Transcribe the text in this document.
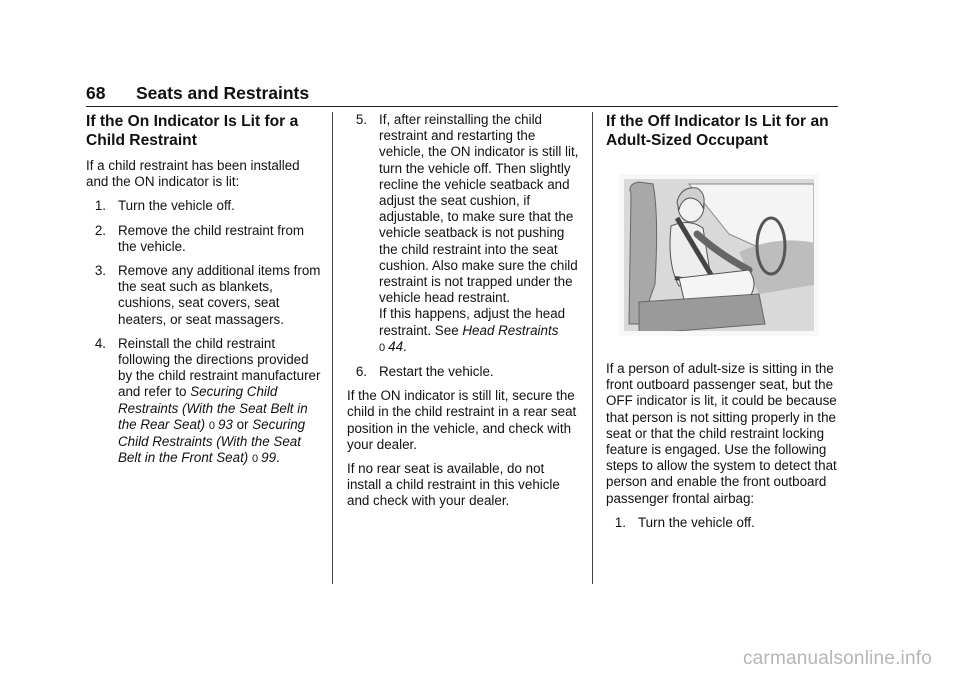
68 Seats and Restraints
If the On Indicator Is Lit for a Child Restraint

If a child restraint has been installed and the ON indicator is lit:

1. Turn the vehicle off.
2. Remove the child restraint from the vehicle.
3. Remove any additional items from the seat such as blankets, cushions, seat covers, seat heaters, or seat massagers.
4. Reinstall the child restraint following the directions provided by the child restraint manufacturer and refer to Securing Child Restraints (With the Seat Belt in the Rear Seat) 0 93 or Securing Child Restraints (With the Seat Belt in the Front Seat) 0 99.
5. If, after reinstalling the child restraint and restarting the vehicle, the ON indicator is still lit, turn the vehicle off. Then slightly recline the vehicle seatback and adjust the seat cushion, if adjustable, to make sure that the vehicle seatback is not pushing the child restraint into the seat cushion. Also make sure the child restraint is not trapped under the vehicle head restraint.
If this happens, adjust the head restraint. See Head Restraints
0 44.
6. Restart the vehicle.

If the ON indicator is still lit, secure the child in the child restraint in a rear seat position in the vehicle, and check with your dealer.

If no rear seat is available, do not install a child restraint in this vehicle and check with your dealer.

If the Off Indicator Is Lit for an Adult-Sized Occupant

If a person of adult-size is sitting in the front outboard passenger seat, but the OFF indicator is lit, it could be because that person is not sitting properly in the seat or that the child restraint locking feature is engaged. Use the following steps to allow the system to detect that person and enable the front outboard passenger frontal airbag:

1. Turn the vehicle off.
carmanualsonline.info
